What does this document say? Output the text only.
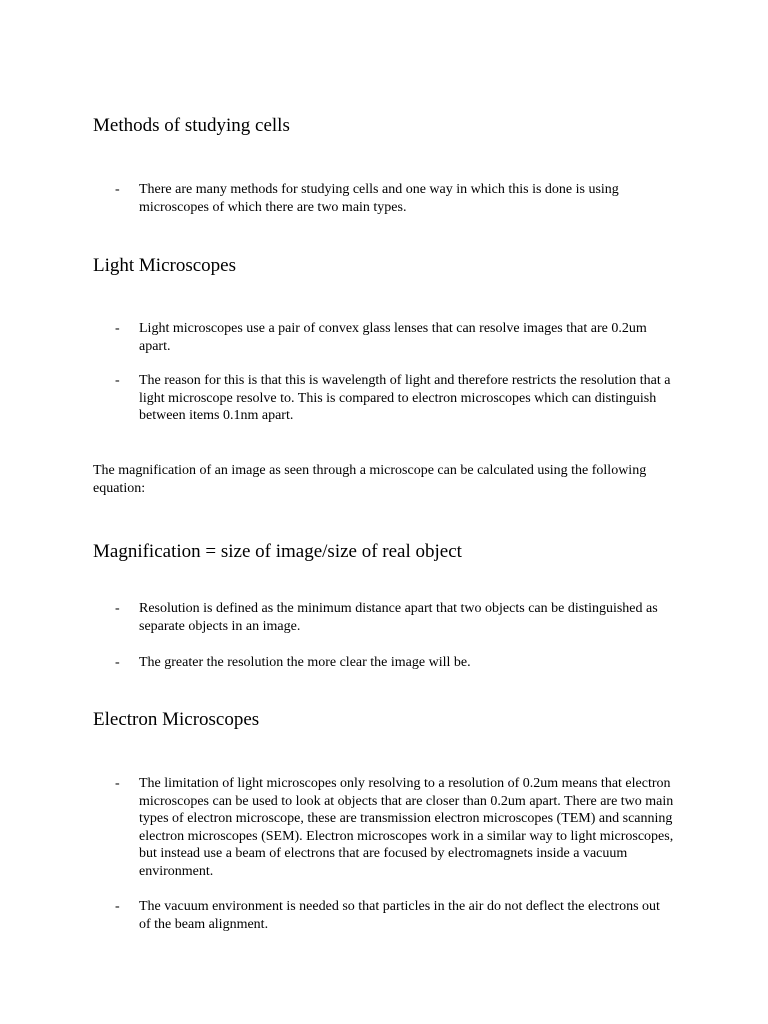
Methods of studying cells
- There are many methods for studying cells and one way in which this is done is using microscopes of which there are two main types.
Light Microscopes
- Light microscopes use a pair of convex glass lenses that can resolve images that are 0.2um apart.
- The reason for this is that this is wavelength of light and therefore restricts the resolution that a light microscope resolve to. This is compared to electron microscopes which can distinguish between items 0.1nm apart.

The magnification of an image as seen through a microscope can be calculated using the following equation:

Magnification = size of image/size of real object
- Resolution is defined as the minimum distance apart that two objects can be distinguished as separate objects in an image.
- The greater the resolution the more clear the image will be.
Electron Microscopes
- The limitation of light microscopes only resolving to a resolution of 0.2um means that electron microscopes can be used to look at objects that are closer than 0.2um apart. There are two main types of electron microscope, these are transmission electron microscopes (TEM) and scanning electron microscopes (SEM). Electron microscopes work in a similar way to light microscopes, but instead use a beam of electrons that are focused by electromagnets inside a vacuum environment.
- The vacuum environment is needed so that particles in the air do not deflect the electrons out of the beam alignment.
